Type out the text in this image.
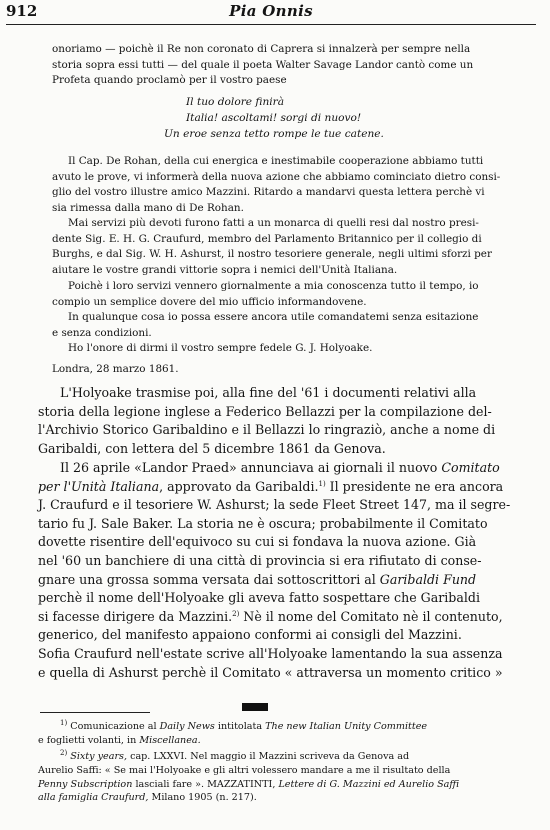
912	Pia Onnis
onoriamo — poichè il Re non coronato di Caprera si innalzerà per sempre nella
storia sopra essi tutti — del quale il poeta Walter Savage Landor cantò come un
Profeta quando proclamò per il vostro paese
Il tuo dolore finirà
Italia! ascoltami! sorgi di nuovo!
Un eroe senza tetto rompe le tue catene.
Il Cap. De Rohan, della cui energica e inestimabile cooperazione abbiamo tutti
avuto le prove, vi informerà della nuova azione che abbiamo cominciato dietro consi-
glio del vostro illustre amico Mazzini. Ritardo a mandarvi questa lettera perchè vi
sia rimessa dalla mano di De Rohan.
Mai servizi più devoti furono fatti a un monarca di quelli resi dal nostro presi-
dente Sig. E. H. G. Craufurd, membro del Parlamento Britannico per il collegio di
Burghs, e dal Sig. W. H. Ashurst, il nostro tesoriere generale, negli ultimi sforzi per
aiutare le vostre grandi vittorie sopra i nemici dell'Unità Italiana.
Poichè i loro servizi vennero giornalmente a mia conoscenza tutto il tempo, io
compio un semplice dovere del mio ufficio informandovene.
In qualunque cosa io possa essere ancora utile comandatemi senza esitazione
e senza condizioni.
Ho l'onore di dirmi il vostro sempre fedele G. J. Holyoake.
Londra, 28 marzo 1861.
L'Holyoake trasmise poi, alla fine del '61 i documenti relativi alla
storia della legione inglese a Federico Bellazzi per la compilazione del-
l'Archivio Storico Garibaldino e il Bellazzi lo ringraziò, anche a nome di
Garibaldi, con lettera del 5 dicembre 1861 da Genova.
Il 26 aprile «Landor Praed» annunciava ai giornali il nuovo Comitato
per l'Unità Italiana, approvato da Garibaldi.$^{1)}$ Il presidente ne era ancora
J. Craufurd e il tesoriere W. Ashurst; la sede Fleet Street 147, ma il segre-
tario fu J. Sale Baker. La storia ne è oscura; probabilmente il Comitato
dovette risentire dell'equivoco su cui si fondava la nuova azione. Già
nel '60 un banchiere di una città di provincia si era rifiutato di conse-
gnare una grossa somma versata dai sottoscrittori al Garibaldi Fund
perchè il nome dell'Holyoake gli aveva fatto sospettare che Garibaldi
si facesse dirigere da Mazzini.$^{2)}$ Nè il nome del Comitato nè il contenuto,
generico, del manifesto appaiono conformi ai consigli del Mazzini.
Sofia Craufurd nell'estate scrive all'Holyoake lamentando la sua assenza
e quella di Ashurst perchè il Comitato « attraversa un momento critico »
$^{1)}$ Comunicazione al Daily News intitolata The new Italian Unity Committee
e foglietti volanti, in Miscellanea.
$^{2)}$ Sixty years, cap. LXXVI. Nel maggio il Mazzini scriveva da Genova ad
Aurelio Saffi: « Se mai l'Holyoake e gli altri volessero mandare a me il risultato della
Penny Subscription lasciali fare ». MAZZATINTI, Lettere di G. Mazzini ed Aurelio Saffi
alla famiglia Craufurd, Milano 1905 (n. 217).
